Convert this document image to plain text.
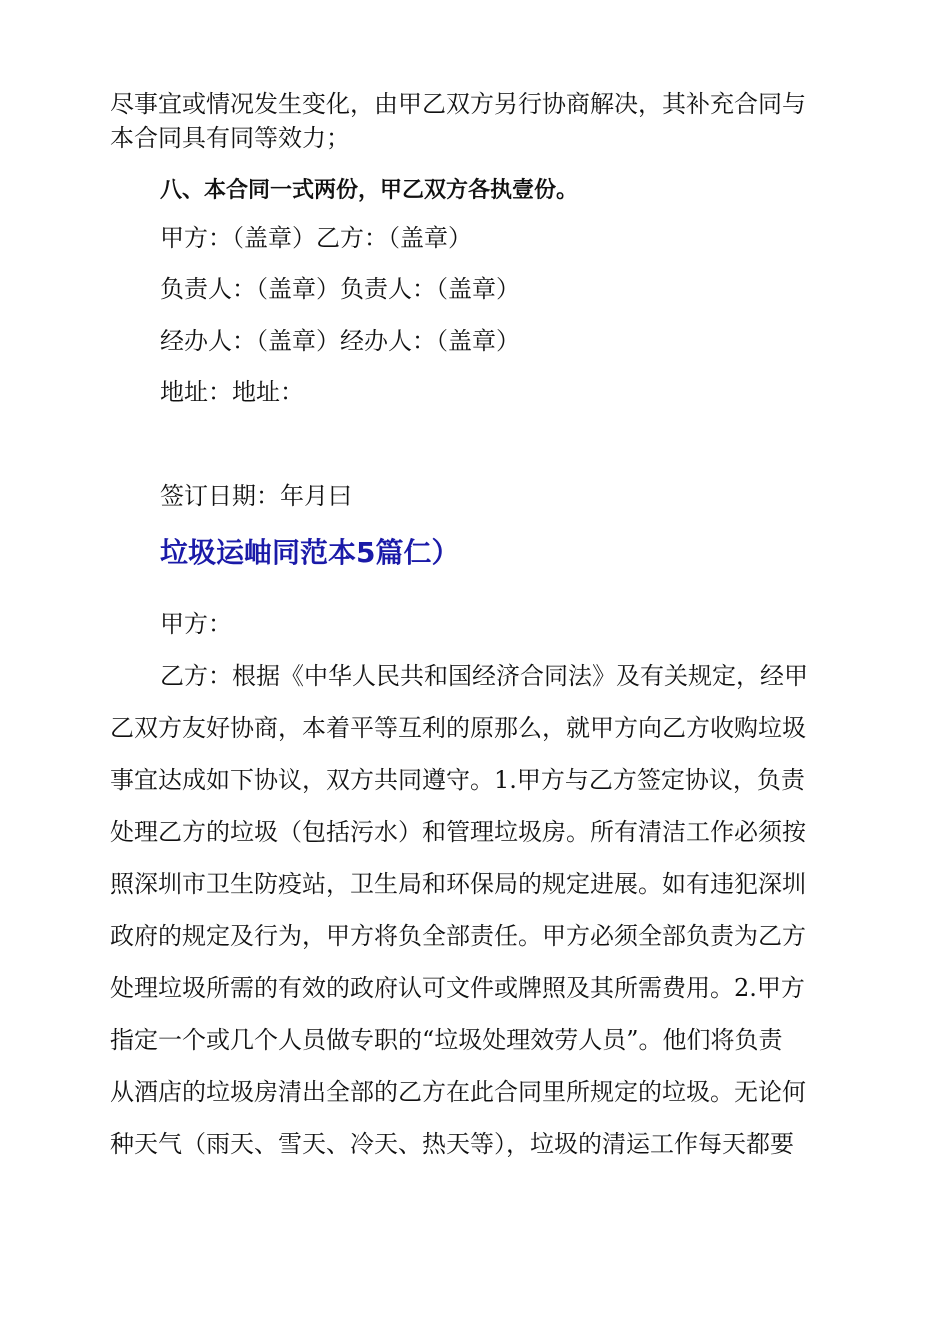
尽事宜或情况发生变化，由甲乙双方另行协商解决，其补充合同与
本合同具有同等效力；
八、本合同一式两份，甲乙双方各执壹份。
甲方：（盖章）乙方：（盖章）
负责人：（盖章）负责人：（盖章）
经办人：（盖章）经办人：（盖章）
地址：地址：
签订日期：年月曰
垃圾运岫同范本5篇仁）
甲方：
乙方：根据《中华人民共和国经济合同法》及有关规定，经甲
乙双方友好协商，本着平等互利的原那么，就甲方向乙方收购垃圾
事宜达成如下协议，双方共同遵守。1.甲方与乙方签定协议，负责
处理乙方的垃圾（包括污水）和管理垃圾房。所有清洁工作必须按
照深圳市卫生防疫站，卫生局和环保局的规定进展。如有违犯深圳
政府的规定及行为，甲方将负全部责任。甲方必须全部负责为乙方
处理垃圾所需的有效的政府认可文件或牌照及其所需费用。2.甲方
指定一个或几个人员做专职的“垃圾处理效劳人员”。他们将负责
从酒店的垃圾房清出全部的乙方在此合同里所规定的垃圾。无论何
种天气（雨天、雪天、冷天、热天等），垃圾的清运工作每天都要
